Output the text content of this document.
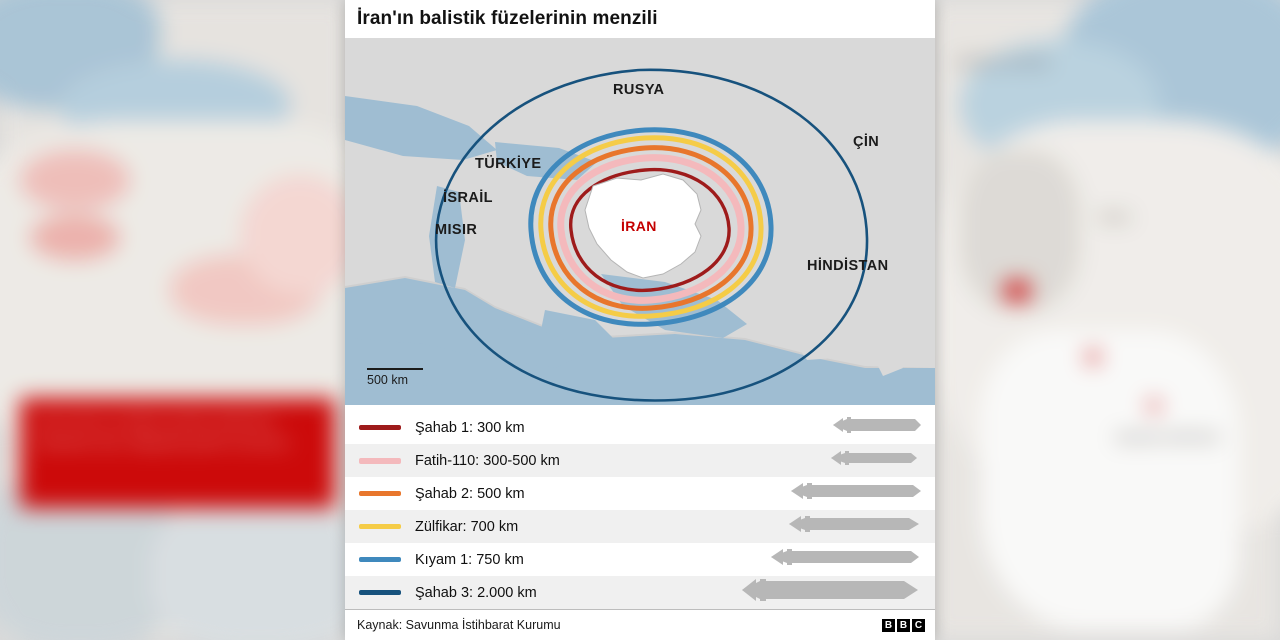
İran'ın füze ve nükleer tesisleri saldırıların hedefinde oldu. Bölgedeki gerilim tırmanıyor.
İRAN
BASRA KÖRFEZİ
UMMAN DENİZİ
İran'ın balistik füzelerinin menzili
RUSYA
ÇİN
TÜRKİYE
İSRAİL
MISIR
HİNDİSTAN
İRAN
500 km
Şahab 1: 300 km
Fatih-110: 300-500 km
Şahab 2: 500 km
Zülfikar: 700 km
Kıyam 1: 750 km
Şahab 3: 2.000 km
Kaynak: Savunma İstihbarat Kurumu	B B C
